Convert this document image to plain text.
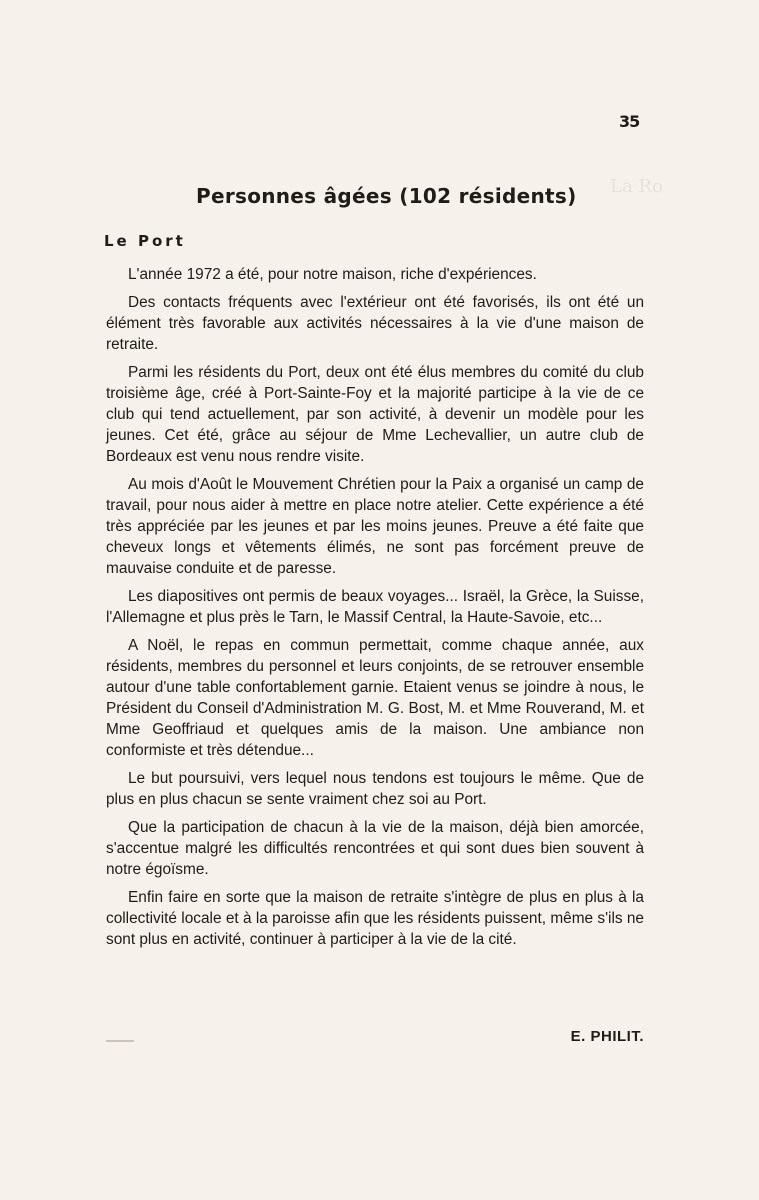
La Ro
35
Personnes âgées (102 résidents)
Le Port

L'année 1972 a été, pour notre maison, riche d'expériences.

Des contacts fréquents avec l'extérieur ont été favorisés, ils ont été un élément très favorable aux activités nécessaires à la vie d'une maison de retraite.

Parmi les résidents du Port, deux ont été élus membres du comité du club troisième âge, créé à Port-Sainte-Foy et la majorité participe à la vie de ce club qui tend actuellement, par son activité, à devenir un modèle pour les jeunes. Cet été, grâce au séjour de Mme Lechevallier, un autre club de Bordeaux est venu nous rendre visite.

Au mois d'Août le Mouvement Chrétien pour la Paix a organisé un camp de travail, pour nous aider à mettre en place notre atelier. Cette expérience a été très appréciée par les jeunes et par les moins jeunes. Preuve a été faite que cheveux longs et vêtements élimés, ne sont pas forcément preuve de mauvaise conduite et de paresse.

Les diapositives ont permis de beaux voyages... Israël, la Grèce, la Suisse, l'Allemagne et plus près le Tarn, le Massif Central, la Haute-Savoie, etc...

A Noël, le repas en commun permettait, comme chaque année, aux résidents, membres du personnel et leurs conjoints, de se retrouver ensemble autour d'une table confortablement garnie. Etaient venus se joindre à nous, le Président du Conseil d'Administration M. G. Bost, M. et Mme Rouverand, M. et Mme Geoffriaud et quelques amis de la maison. Une ambiance non conformiste et très détendue...

Le but poursuivi, vers lequel nous tendons est toujours le même. Que de plus en plus chacun se sente vraiment chez soi au Port.

Que la participation de chacun à la vie de la maison, déjà bien amorcée, s'accentue malgré les difficultés rencontrées et qui sont dues bien souvent à notre égoïsme.

Enfin faire en sorte que la maison de retraite s'intègre de plus en plus à la collectivité locale et à la paroisse afin que les résidents puissent, même s'ils ne sont plus en activité, continuer à participer à la vie de la cité.

E. PHILIT.
